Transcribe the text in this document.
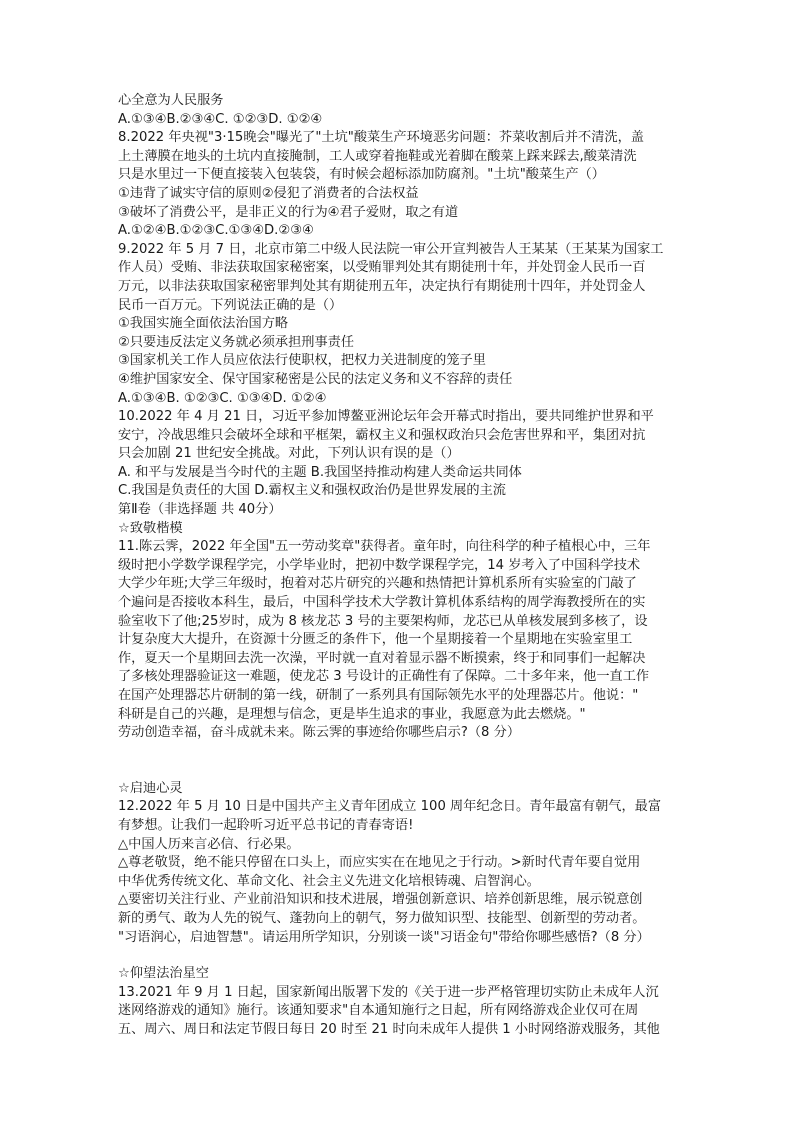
心全意为人民服务
A.①③④B.②③④C. ①②③D. ①②④
8.2022 年央视"3·15晚会"曝光了"土坑"酸菜生产环境恶劣问题：芥菜收割后并不清洗，盖
上土薄膜在地头的土坑内直接腌制，工人或穿着拖鞋或光着脚在酸菜上踩来踩去,酸菜清洗
只是水里过一下便直接装入包装袋，有时候会超标添加防腐剂。"土坑"酸菜生产（）
①违背了诚实守信的原则②侵犯了消费者的合法权益
③破坏了消费公平，是非正义的行为④君子爱财，取之有道
A.①②④B.①②③C.①③④D.②③④
9.2022 年 5 月 7 日，北京市第二中级人民法院一审公开宣判被告人王某某（王某某为国家工
作人员）受贿、非法获取国家秘密案，以受贿罪判处其有期徒刑十年，并处罚金人民币一百
万元，以非法获取国家秘密罪判处其有期徒刑五年，决定执行有期徒刑十四年，并处罚金人
民币一百万元。下列说法正确的是（）
①我国实施全面依法治国方略
②只要违反法定义务就必须承担刑事责任
③国家机关工作人员应依法行使职权，把权力关进制度的笼子里
④维护国家安全、保守国家秘密是公民的法定义务和义不容辞的责任
A.①③④B. ①②③C. ①③④D. ①②④
10.2022 年 4 月 21 日，习近平参加博鳌亚洲论坛年会开幕式时指出，要共同维护世界和平
安宁，冷战思维只会破坏全球和平框架，霸权主义和强权政治只会危害世界和平，集团对抗
只会加剧 21 世纪安全挑战。对此，下列认识有误的是（）
A. 和平与发展是当今时代的主题 B.我国坚持推动构建人类命运共同体
C.我国是负责任的大国 D.霸权主义和强权政治仍是世界发展的主流
第Ⅱ卷（非选择题 共 40分）
☆致敬楷模
11.陈云霁，2022 年全国"五一劳动奖章"获得者。童年时，向往科学的种子植根心中，三年
级时把小学数学课程学完，小学毕业时，把初中数学课程学完，14 岁考入了中国科学技术
大学少年班;大学三年级时，抱着对芯片研究的兴趣和热情把计算机系所有实验室的门敲了
个遍问是否接收本科生，最后，中国科学技术大学教计算机体系结构的周学海教授所在的实
验室收下了他;25岁时，成为 8 核龙芯 3 号的主要架构师，龙芯已从单核发展到多核了，设
计复杂度大大提升，在资源十分匮乏的条件下，他一个星期接着一个星期地在实验室里工
作，夏天一个星期回去洗一次澡，平时就一直对着显示器不断摸索，终于和同事们一起解决
了多核处理器验证这一难题，使龙芯 3 号设计的正确性有了保障。二十多年来，他一直工作
在国产处理器芯片研制的第一线，研制了一系列具有国际领先水平的处理器芯片。他说："
科研是自己的兴趣，是理想与信念，更是毕生追求的事业，我愿意为此去燃烧。"
劳动创造幸福，奋斗成就未来。陈云霁的事迹给你哪些启示?（8 分）
☆启迪心灵
12.2022 年 5 月 10 日是中国共产主义青年团成立 100 周年纪念日。青年最富有朝气，最富
有梦想。让我们一起聆听习近平总书记的青春寄语!
△中国人历来言必信、行必果。
△尊老敬贤，绝不能只停留在口头上，而应实实在在地见之于行动。>新时代青年要自觉用
中华优秀传统文化、革命文化、社会主义先进文化培根铸魂、启智润心。
△要密切关注行业、产业前沿知识和技术进展，增强创新意识、培养创新思维，展示锐意创
新的勇气、敢为人先的锐气、蓬勃向上的朝气，努力做知识型、技能型、创新型的劳动者。
"习语润心，启迪智慧"。请运用所学知识，分别谈一谈"习语金句"带给你哪些感悟?（8 分）
☆仰望法治星空
13.2021 年 9 月 1 日起，国家新闻出版署下发的《关于进一步严格管理切实防止未成年人沉
迷网络游戏的通知》施行。该通知要求"自本通知施行之日起，所有网络游戏企业仅可在周
五、周六、周日和法定节假日每日 20 时至 21 时向未成年人提供 1 小时网络游戏服务，其他
